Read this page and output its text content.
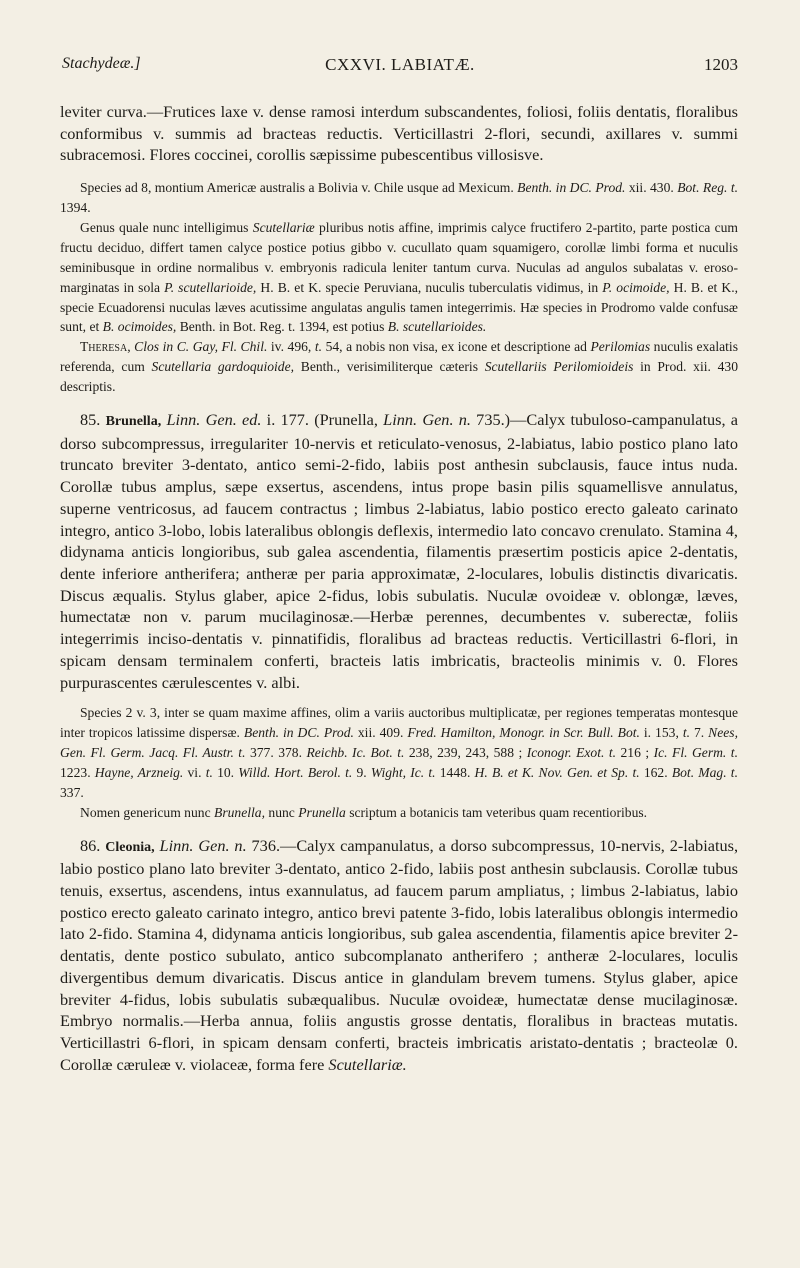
Stachydeæ.]	CXXVI. LABIATÆ.	1203

leviter curva.—Frutices laxe v. dense ramosi interdum subscandentes, foliosi, foliis dentatis, floralibus conformibus v. summis ad bracteas reductis. Verticillastri 2-flori, secundi, axillares v. summi subracemosi. Flores coccinei, corollis sæpissime pubescentibus villosisve.

Species ad 8, montium Americæ australis a Bolivia v. Chile usque ad Mexicum. Benth. in DC. Prod. xii. 430. Bot. Reg. t. 1394.

Genus quale nunc intelligimus Scutellariæ pluribus notis affine, imprimis calyce fructifero 2-partito, parte postica cum fructu deciduo, differt tamen calyce postice potius gibbo v. cucullato quam squamigero, corollæ limbi forma et nuculis seminibusque in ordine normalibus v. embryonis radicula leniter tantum curva. Nuculas ad angulos subalatas v. eroso-marginatas in sola P. scutellarioide, H. B. et K. specie Peruviana, nuculis tuberculatis vidimus, in P. ocimoide, H. B. et K., specie Ecuadorensi nuculas læves acutissime angulatas angulis tamen integerrimis. Hæ species in Prodromo valde confusæ sunt, et B. ocimoides, Benth. in Bot. Reg. t. 1394, est potius B. scutellarioides.

Theresa, Clos in C. Gay, Fl. Chil. iv. 496, t. 54, a nobis non visa, ex icone et descriptione ad Perilomias nuculis exalatis referenda, cum Scutellaria gardoquioide, Benth., verisimiliterque cæteris Scutellariis Perilomioideis in Prod. xii. 430 descriptis.

85. Brunella, Linn. Gen. ed. i. 177. (Prunella, Linn. Gen. n. 735.)—Calyx tubuloso-campanulatus, a dorso subcompressus, irregulariter 10-nervis et reticulato-venosus, 2-labiatus, labio postico plano lato truncato breviter 3-dentato, antico semi-2-fido, labiis post anthesin subclausis, fauce intus nuda. Corollæ tubus amplus, sæpe exsertus, ascendens, intus prope basin pilis squamellisve annulatus, superne ventricosus, ad faucem contractus ; limbus 2-labiatus, labio postico erecto galeato carinato integro, antico 3-lobo, lobis lateralibus oblongis deflexis, intermedio lato concavo crenulato. Stamina 4, didynama anticis longioribus, sub galea ascendentia, filamentis præsertim posticis apice 2-dentatis, dente inferiore antherifera; antheræ per paria approximatæ, 2-loculares, lobulis distinctis divaricatis. Discus æqualis. Stylus glaber, apice 2-fidus, lobis subulatis. Nuculæ ovoideæ v. oblongæ, læves, humectatæ non v. parum mucilaginosæ.—Herbæ perennes, decumbentes v. suberectæ, foliis integerrimis inciso-dentatis v. pinnatifidis, floralibus ad bracteas reductis. Verticillastri 6-flori, in spicam densam terminalem conferti, bracteis latis imbricatis, bracteolis minimis v. 0. Flores purpurascentes cærulescentes v. albi.

Species 2 v. 3, inter se quam maxime affines, olim a variis auctoribus multiplicatæ, per regiones temperatas montesque inter tropicos latissime dispersæ. Benth. in DC. Prod. xii. 409. Fred. Hamilton, Monogr. in Scr. Bull. Bot. i. 153, t. 7. Nees, Gen. Fl. Germ. Jacq. Fl. Austr. t. 377. 378. Reichb. Ic. Bot. t. 238, 239, 243, 588 ; Iconogr. Exot. t. 216 ; Ic. Fl. Germ. t. 1223. Hayne, Arzneig. vi. t. 10. Willd. Hort. Berol. t. 9. Wight, Ic. t. 1448. H. B. et K. Nov. Gen. et Sp. t. 162. Bot. Mag. t. 337.

Nomen genericum nunc Brunella, nunc Prunella scriptum a botanicis tam veteribus quam recentioribus.

86. Cleonia, Linn. Gen. n. 736.—Calyx campanulatus, a dorso subcompressus, 10-nervis, 2-labiatus, labio postico plano lato breviter 3-dentato, antico 2-fido, labiis post anthesin subclausis. Corollæ tubus tenuis, exsertus, ascendens, intus exannulatus, ad faucem parum ampliatus, ; limbus 2-labiatus, labio postico erecto galeato carinato integro, antico brevi patente 3-fido, lobis lateralibus oblongis intermedio lato 2-fido. Stamina 4, didynama anticis longioribus, sub galea ascendentia, filamentis apice breviter 2-dentatis, dente postico subulato, antico subcomplanato antherifero ; antheræ 2-loculares, loculis divergentibus demum divaricatis. Discus antice in glandulam brevem tumens. Stylus glaber, apice breviter 4-fidus, lobis subulatis subæqualibus. Nuculæ ovoideæ, humectatæ dense mucilaginosæ. Embryo normalis.—Herba annua, foliis angustis grosse dentatis, floralibus in bracteas mutatis. Verticillastri 6-flori, in spicam densam conferti, bracteis imbricatis aristato-dentatis ; bracteolæ 0. Corollæ cæruleæ v. violaceæ, forma fere Scutellariæ.
